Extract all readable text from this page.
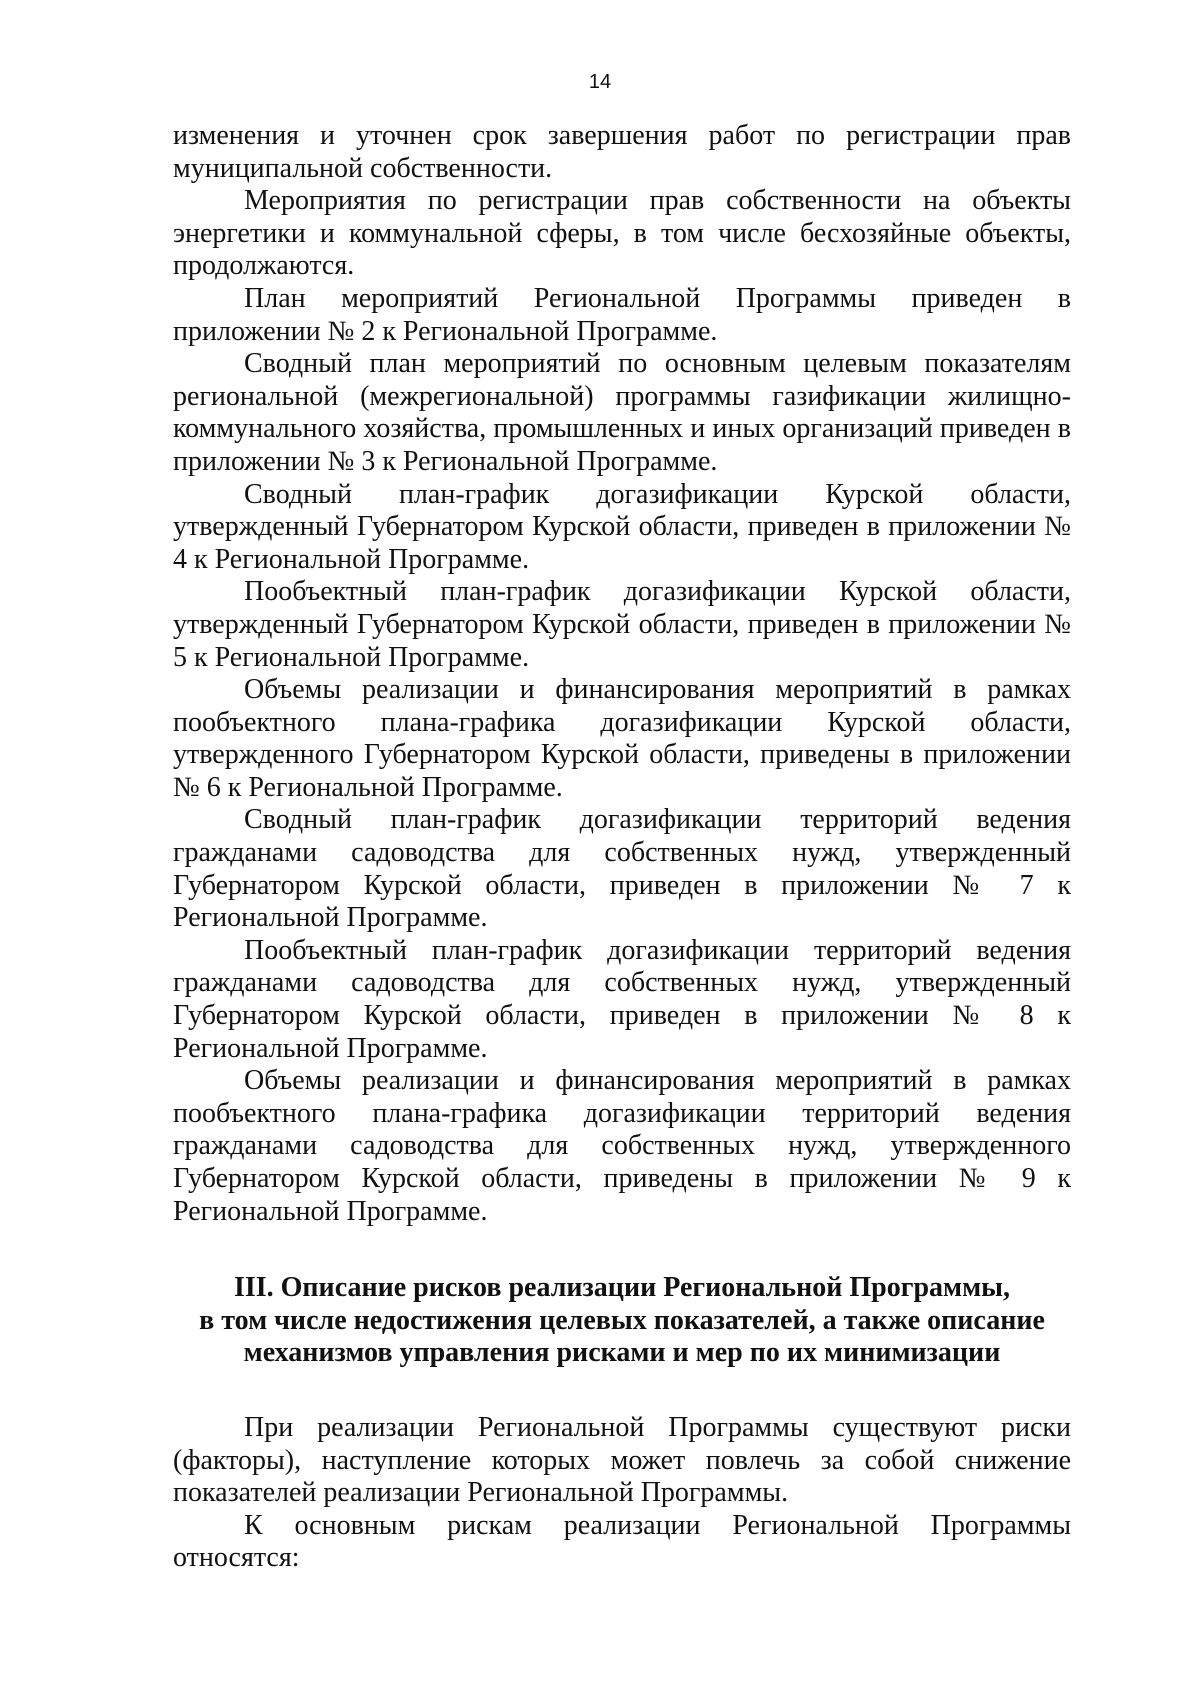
14

изменения и уточнен срок завершения работ по регистрации прав муниципальной собственности.

Мероприятия по регистрации прав собственности на объекты энергетики и коммунальной сферы, в том числе бесхозяйные объекты, продолжаются.

План мероприятий Региональной Программы приведен в приложении № 2 к Региональной Программе.

Сводный план мероприятий по основным целевым показателям региональной (межрегиональной) программы газификации жилищно-коммунального хозяйства, промышленных и иных организаций приведен в приложении № 3 к Региональной Программе.

Сводный план-график догазификации Курской области, утвержденный Губернатором Курской области, приведен в приложении № 4 к Региональной Программе.

Пообъектный план-график догазификации Курской области, утвержденный Губернатором Курской области, приведен в приложении № 5 к Региональной Программе.

Объемы реализации и финансирования мероприятий в рамках пообъектного плана-графика догазификации Курской области, утвержденного Губернатором Курской области, приведены в приложении № 6 к Региональной Программе.

Сводный план-график догазификации территорий ведения гражданами садоводства для собственных нужд, утвержденный Губернатором Курской области, приведен в приложении № 7 к Региональной Программе.

Пообъектный план-график догазификации территорий ведения гражданами садоводства для собственных нужд, утвержденный Губернатором Курской области, приведен в приложении № 8 к Региональной Программе.

Объемы реализации и финансирования мероприятий в рамках пообъектного плана-графика догазификации территорий ведения гражданами садоводства для собственных нужд, утвержденного Губернатором Курской области, приведены в приложении № 9 к Региональной Программе.

III. Описание рисков реализации Региональной Программы,
в том числе недостижения целевых показателей, а также описание
механизмов управления рисками и мер по их минимизации

При реализации Региональной Программы существуют риски (факторы), наступление которых может повлечь за собой снижение показателей реализации Региональной Программы.

К основным рискам реализации Региональной Программы относятся:
